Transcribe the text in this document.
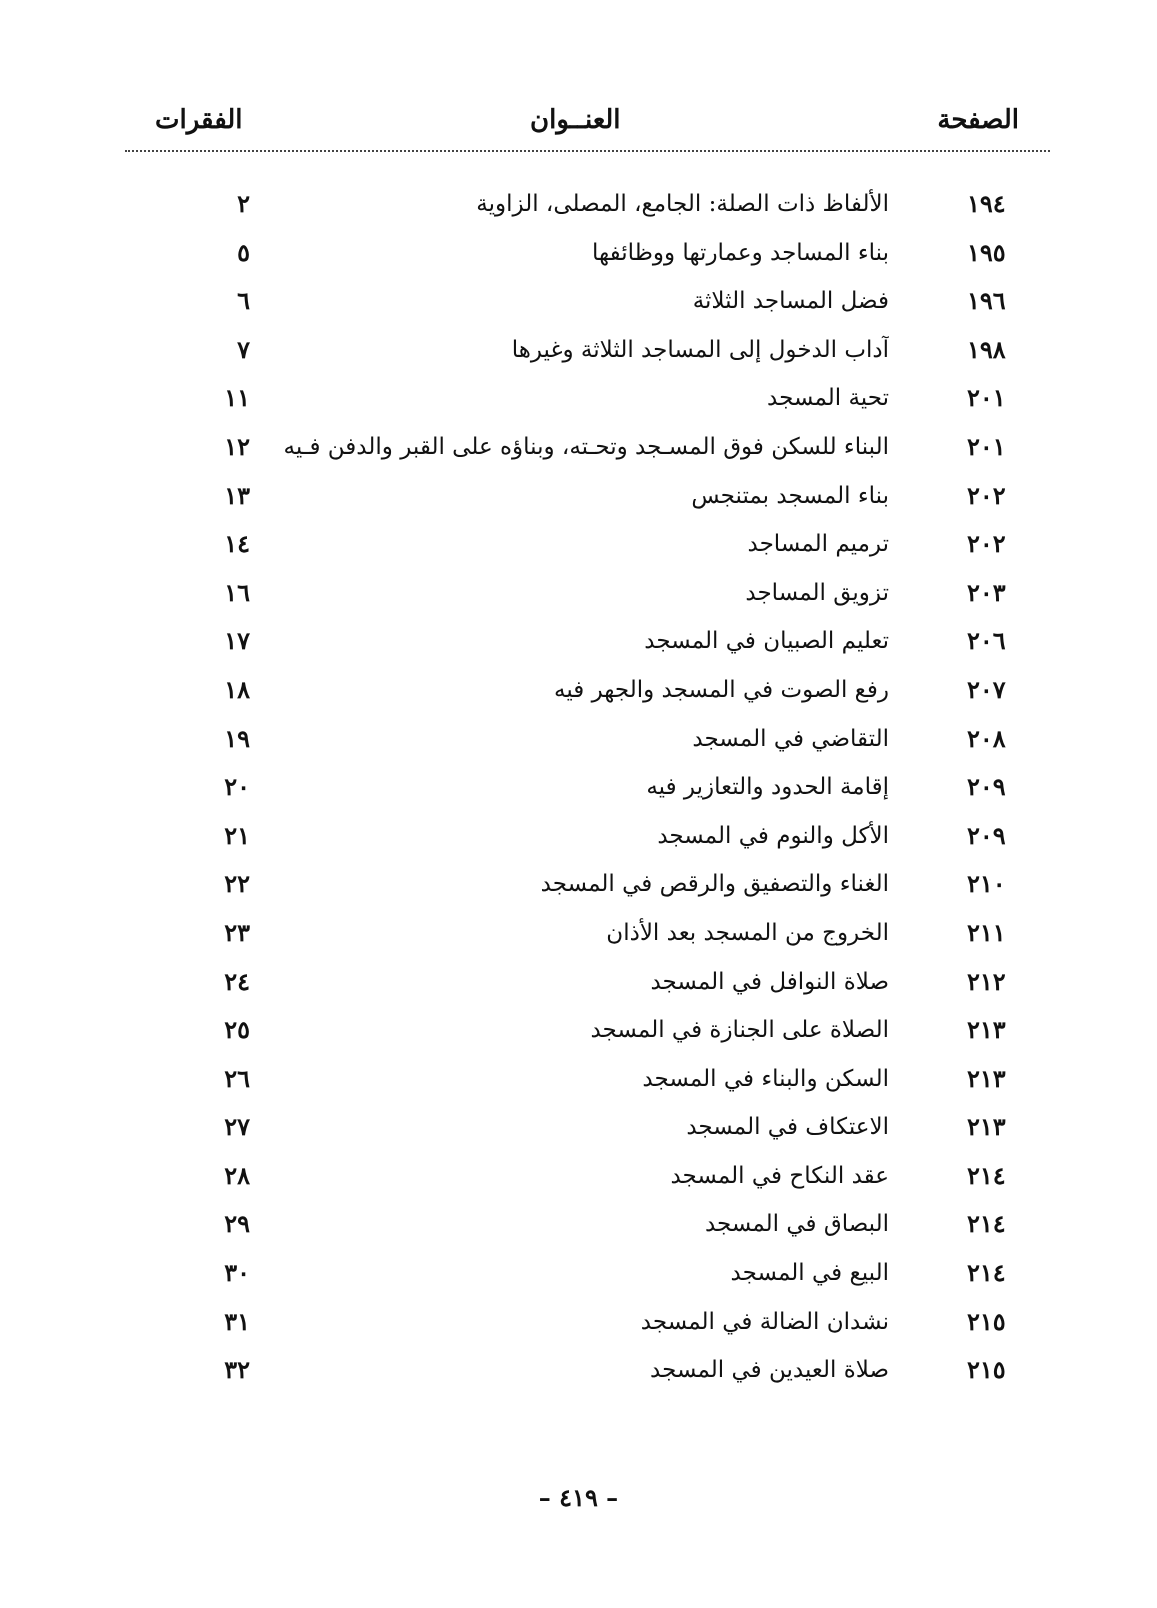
الصفحة
العنــوان
الفقرات
١٩٤
الألفاظ ذات الصلة: الجامع، المصلى، الزاوية
٢
١٩٥
بناء المساجد وعمارتها ووظائفها
٥
١٩٦
فضل المساجد الثلاثة
٦
١٩٨
آداب الدخول إلى المساجد الثلاثة وغيرها
٧
٢٠١
تحية المسجد
١١
٢٠١
البناء للسكن فوق المسـجد وتحـته، وبناؤه على القبر والدفن فـيه
١٢
٢٠٢
بناء المسجد بمتنجس
١٣
٢٠٢
ترميم المساجد
١٤
٢٠٣
تزويق المساجد
١٦
٢٠٦
تعليم الصبيان في المسجد
١٧
٢٠٧
رفع الصوت في المسجد والجهر فيه
١٨
٢٠٨
التقاضي في المسجد
١٩
٢٠٩
إقامة الحدود والتعازير فيه
٢٠
٢٠٩
الأكل والنوم في المسجد
٢١
٢١٠
الغناء والتصفيق والرقص في المسجد
٢٢
٢١١
الخروج من المسجد بعد الأذان
٢٣
٢١٢
صلاة النوافل في المسجد
٢٤
٢١٣
الصلاة على الجنازة في المسجد
٢٥
٢١٣
السكن والبناء في المسجد
٢٦
٢١٣
الاعتكاف في المسجد
٢٧
٢١٤
عقد النكاح في المسجد
٢٨
٢١٤
البصاق في المسجد
٢٩
٢١٤
البيع في المسجد
٣٠
٢١٥
نشدان الضالة في المسجد
٣١
٢١٥
صلاة العيدين في المسجد
٣٢
– ٤١٩ –
